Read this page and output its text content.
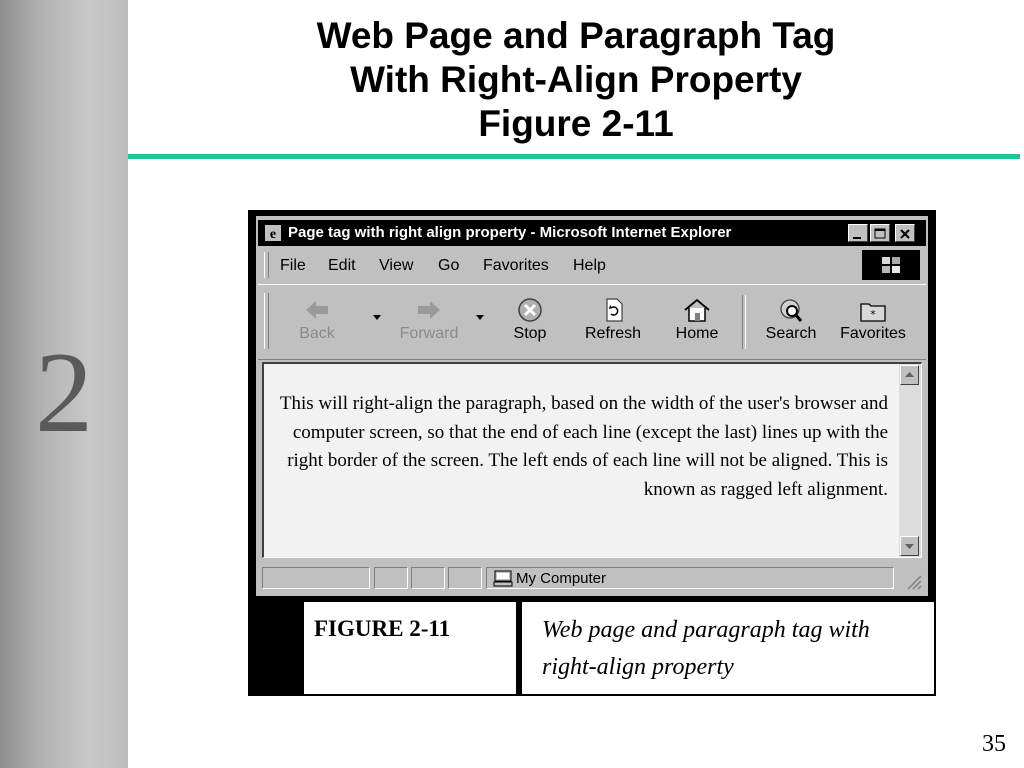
2
Web Page and Paragraph Tag
With Right-Align Property
Figure 2-11
e Page tag with right align property - Microsoft Internet Explorer
File Edit View Go Favorites Help
Back	Forward	Stop	Refresh	Home	Search
*
Favorites

This will right-align the paragraph, based on the width of the user's browser and computer screen, so that the end of each line (except the last) lines up with the right border of the screen. The left ends of each line will not be aligned. This is known as ragged left alignment.

My Computer
FIGURE 2-11	Web page and paragraph tag with right-align property
35
